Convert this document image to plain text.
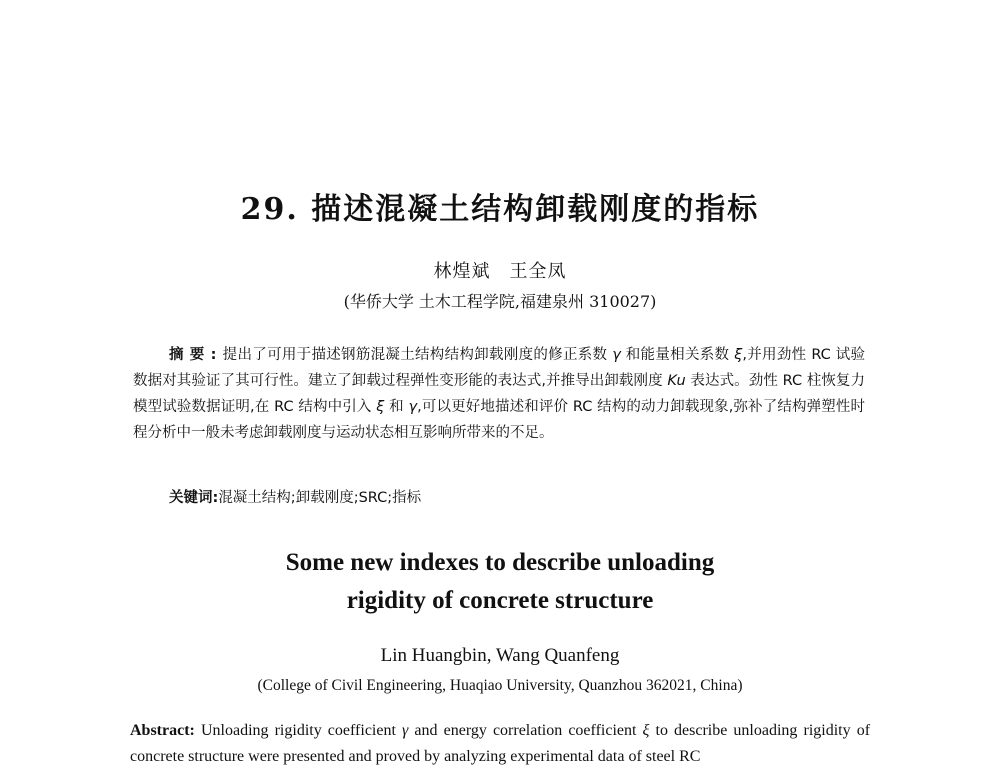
29. 描述混凝土结构卸载刚度的指标
林煌斌　王全凤
(华侨大学 土木工程学院,福建泉州 310027)

摘要:提出了可用于描述钢筋混凝土结构结构卸载刚度的修正系数 γ 和能量相关系数 ξ,并用劲性 RC 试验数据对其验证了其可行性。建立了卸载过程弹性变形能的表达式,并推导出卸载刚度 Ku 表达式。劲性 RC 柱恢复力模型试验数据证明,在 RC 结构中引入 ξ 和 γ,可以更好地描述和评价 RC 结构的动力卸载现象,弥补了结构弹塑性时程分析中一般未考虑卸载刚度与运动状态相互影响所带来的不足。

关键词:混凝土结构;卸载刚度;SRC;指标
Some new indexes to describe unloading
rigidity of concrete structure
Lin Huangbin, Wang Quanfeng
(College of Civil Engineering, Huaqiao University, Quanzhou 362021, China)

Abstract: Unloading rigidity coefficient γ and energy correlation coefficient ξ to describe unloading rigidity of concrete structure were presented and proved by analyzing experimental data of steel RC
